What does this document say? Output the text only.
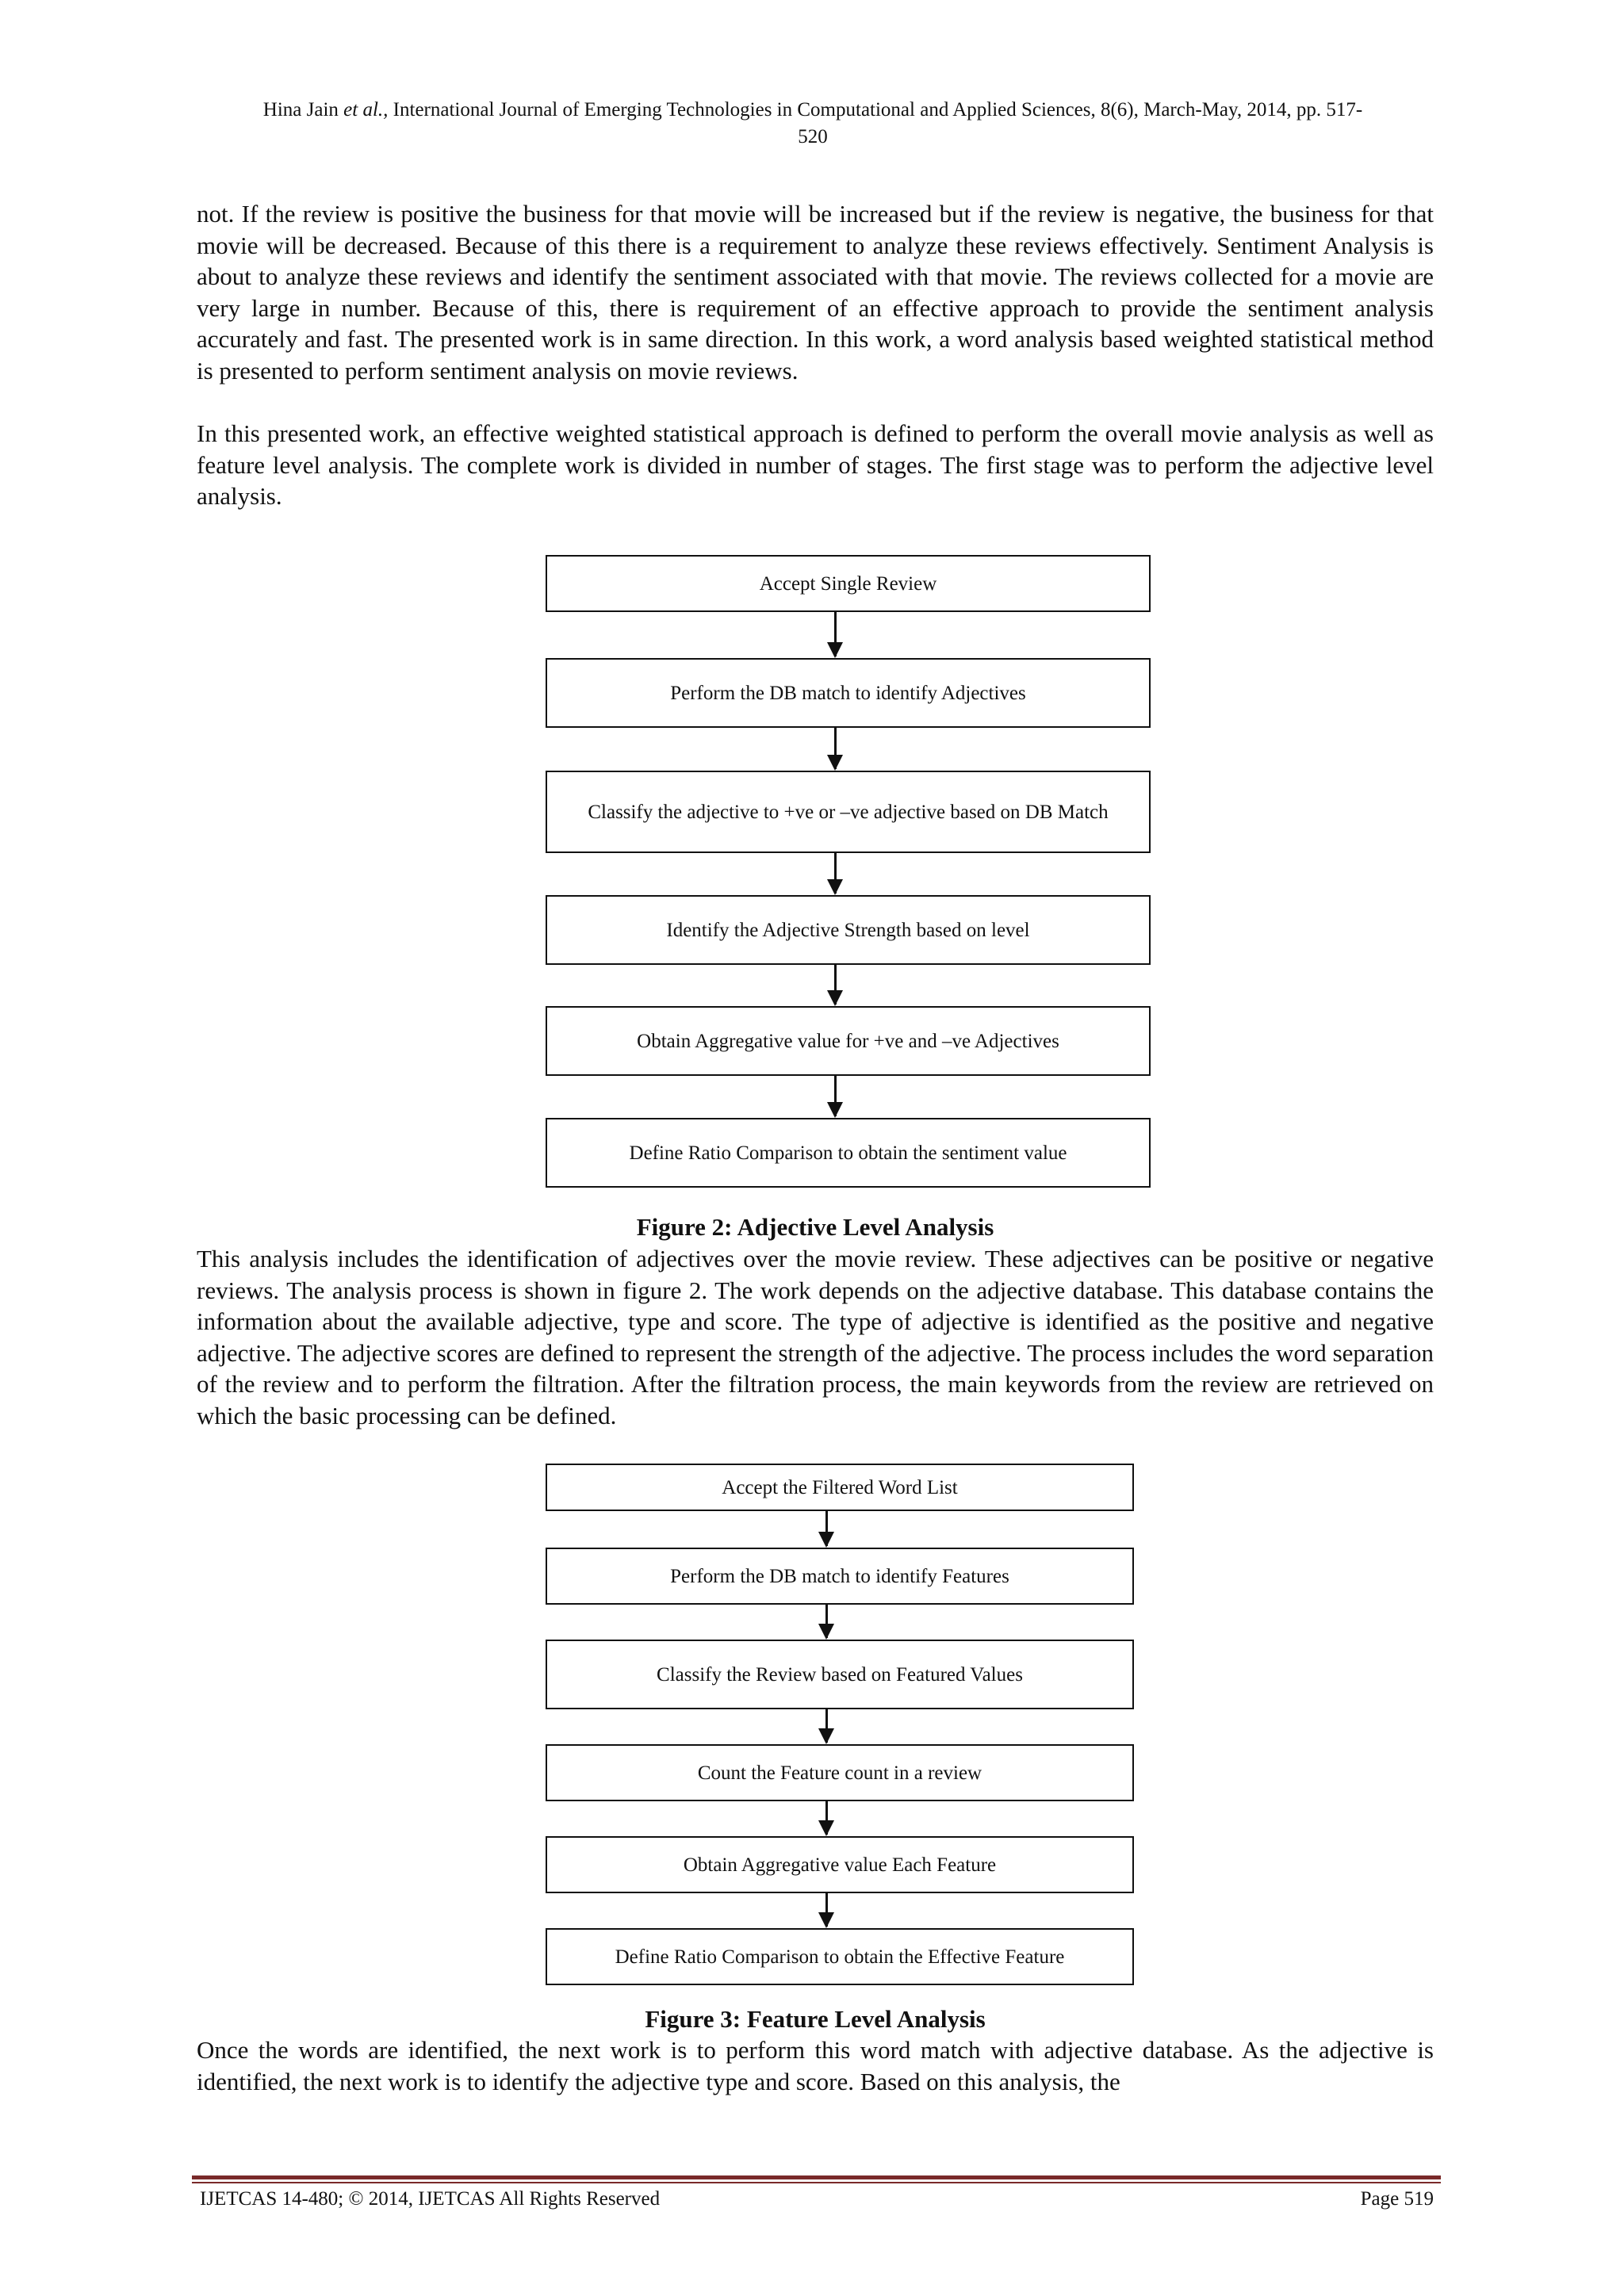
Hina Jain et al., International Journal of Emerging Technologies in Computational and Applied Sciences, 8(6), March-May, 2014, pp. 517-
520

not. If the review is positive the business for that movie will be increased but if the review is negative, the business for that movie will be decreased. Because of this there is a requirement to analyze these reviews effectively. Sentiment Analysis is about to analyze these reviews and identify the sentiment associated with that movie. The reviews collected for a movie are very large in number. Because of this, there is requirement of an effective approach to provide the sentiment analysis accurately and fast. The presented work is in same direction. In this work, a word analysis based weighted statistical method is presented to perform sentiment analysis on movie reviews.

In this presented work, an effective weighted statistical approach is defined to perform the overall movie analysis as well as feature level analysis. The complete work is divided in number of stages. The first stage was to perform the adjective level analysis.

Accept Single Review
Perform the DB match to identify Adjectives
Classify the adjective to +ve or –ve adjective based on DB Match
Identify the Adjective Strength based on level
Obtain Aggregative value for +ve and –ve Adjectives
Define Ratio Comparison to obtain the sentiment value
Figure 2: Adjective Level Analysis

This analysis includes the identification of adjectives over the movie review. These adjectives can be positive or negative reviews. The analysis process is shown in figure 2. The work depends on the adjective database. This database contains the information about the available adjective, type and score. The type of adjective is identified as the positive and negative adjective. The adjective scores are defined to represent the strength of the adjective. The process includes the word separation of the review and to perform the filtration. After the filtration process, the main keywords from the review are retrieved on which the basic processing can be defined.

Accept the Filtered Word List
Perform the DB match to identify Features
Classify the Review based on Featured Values
Count the Feature count in a review
Obtain Aggregative value Each Feature
Define Ratio Comparison to obtain the Effective Feature
Figure 3: Feature Level Analysis

Once the words are identified, the next work is to perform this word match with adjective database. As the adjective is identified, the next work is to identify the adjective type and score. Based on this analysis, the

IJETCAS 14-480; © 2014, IJETCAS All Rights Reserved	Page 519
